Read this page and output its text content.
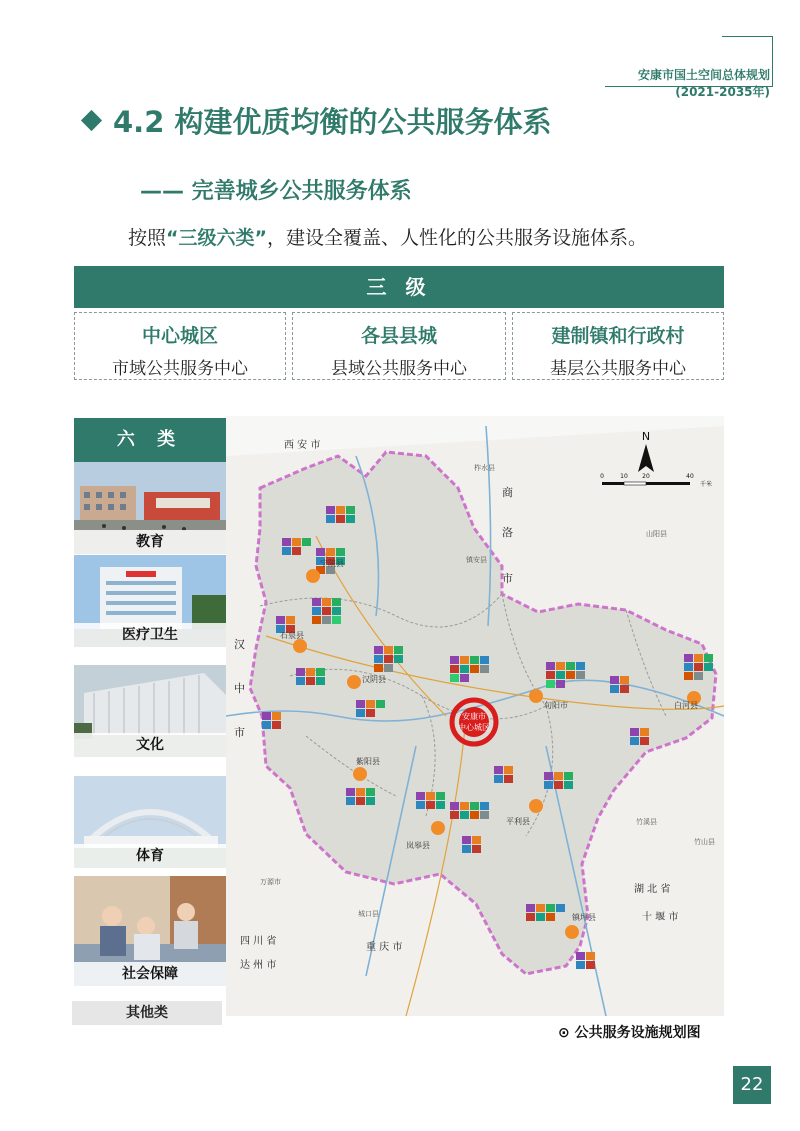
安康市国土空间总体规划
(2021-2035年)
4.2 构建优质均衡的公共服务体系
—— 完善城乡公共服务体系
按照“三级六类”，建设全覆盖、人性化的公共服务设施体系。
三 级
中心城区
市域公共服务中心
各县县城
县域公共服务中心
建制镇和行政村
基层公共服务中心
六 类
教育
医疗卫生
文化
体育
社会保障
其他类
西 安 市
商
洛
市
汉
中
市
四 川 省
达 州 市
重 庆 市
湖 北 省
十 堰 市
柞水县
镇安县
山阳县
竹溪县
竹山县
城口县
万源市
宁陕县
石泉县
汉阴县
旬阳市	白河县
紫阳县
岚皋县
平利县
镇坪县
安康市
中心城区
N
0	10 20	40
千米
⊙ 公共服务设施规划图
22
